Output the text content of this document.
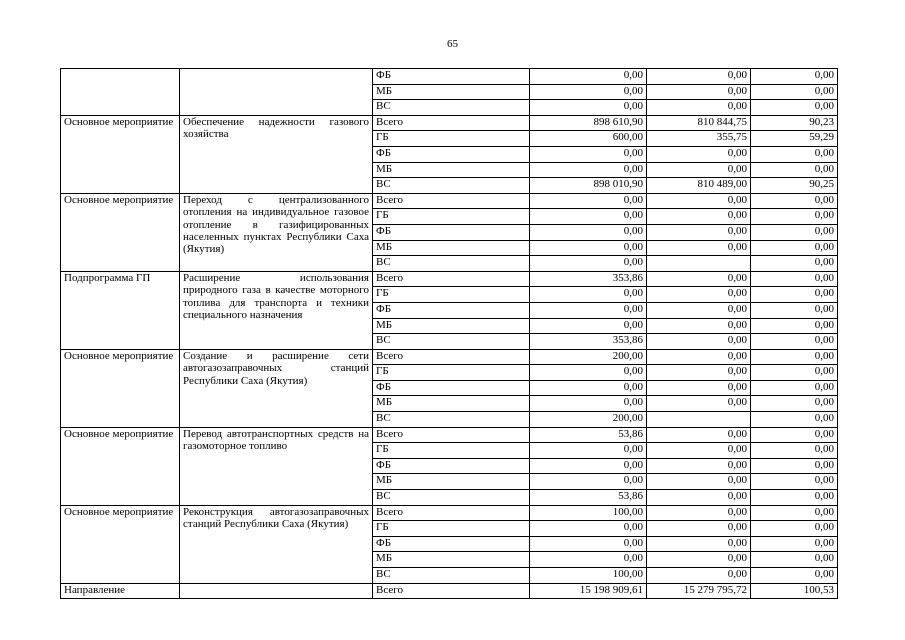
65
		ФБ	0,00	0,00	0,00
		МБ	0,00	0,00	0,00
		ВС	0,00	0,00	0,00
Основное мероприятие	Обеспечение надежности газового хозяйства	Всего	898 610,90	810 844,75	90,23
		ГБ	600,00	355,75	59,29
		ФБ	0,00	0,00	0,00
		МБ	0,00	0,00	0,00
		ВС	898 010,90	810 489,00	90,25
Основное мероприятие	Переход с централизованного отопления на индивидуальное газовое отопление в газифицированных населенных пунктах Республики Саха (Якутия)	Всего	0,00	0,00	0,00
		ГБ	0,00	0,00	0,00
		ФБ	0,00	0,00	0,00
		МБ	0,00	0,00	0,00
		ВС	0,00		0,00
Подпрограмма ГП	Расширение использования природного газа в качестве моторного топлива для транспорта и техники специального назначения	Всего	353,86	0,00	0,00
		ГБ	0,00	0,00	0,00
		ФБ	0,00	0,00	0,00
		МБ	0,00	0,00	0,00
		ВС	353,86	0,00	0,00
Основное мероприятие	Создание и расширение сети автогазозаправочных станций Республики Саха (Якутия)	Всего	200,00	0,00	0,00
		ГБ	0,00	0,00	0,00
		ФБ	0,00	0,00	0,00
		МБ	0,00	0,00	0,00
		ВС	200,00		0,00
Основное мероприятие	Перевод автотранспортных средств на газомоторное топливо	Всего	53,86	0,00	0,00
		ГБ	0,00	0,00	0,00
		ФБ	0,00	0,00	0,00
		МБ	0,00	0,00	0,00
		ВС	53,86	0,00	0,00
Основное мероприятие	Реконструкция автогазозаправочных станций Республики Саха (Якутия)	Всего	100,00	0,00	0,00
		ГБ	0,00	0,00	0,00
		ФБ	0,00	0,00	0,00
		МБ	0,00	0,00	0,00
		ВС	100,00	0,00	0,00
Направление		Всего	15 198 909,61	15 279 795,72	100,53
